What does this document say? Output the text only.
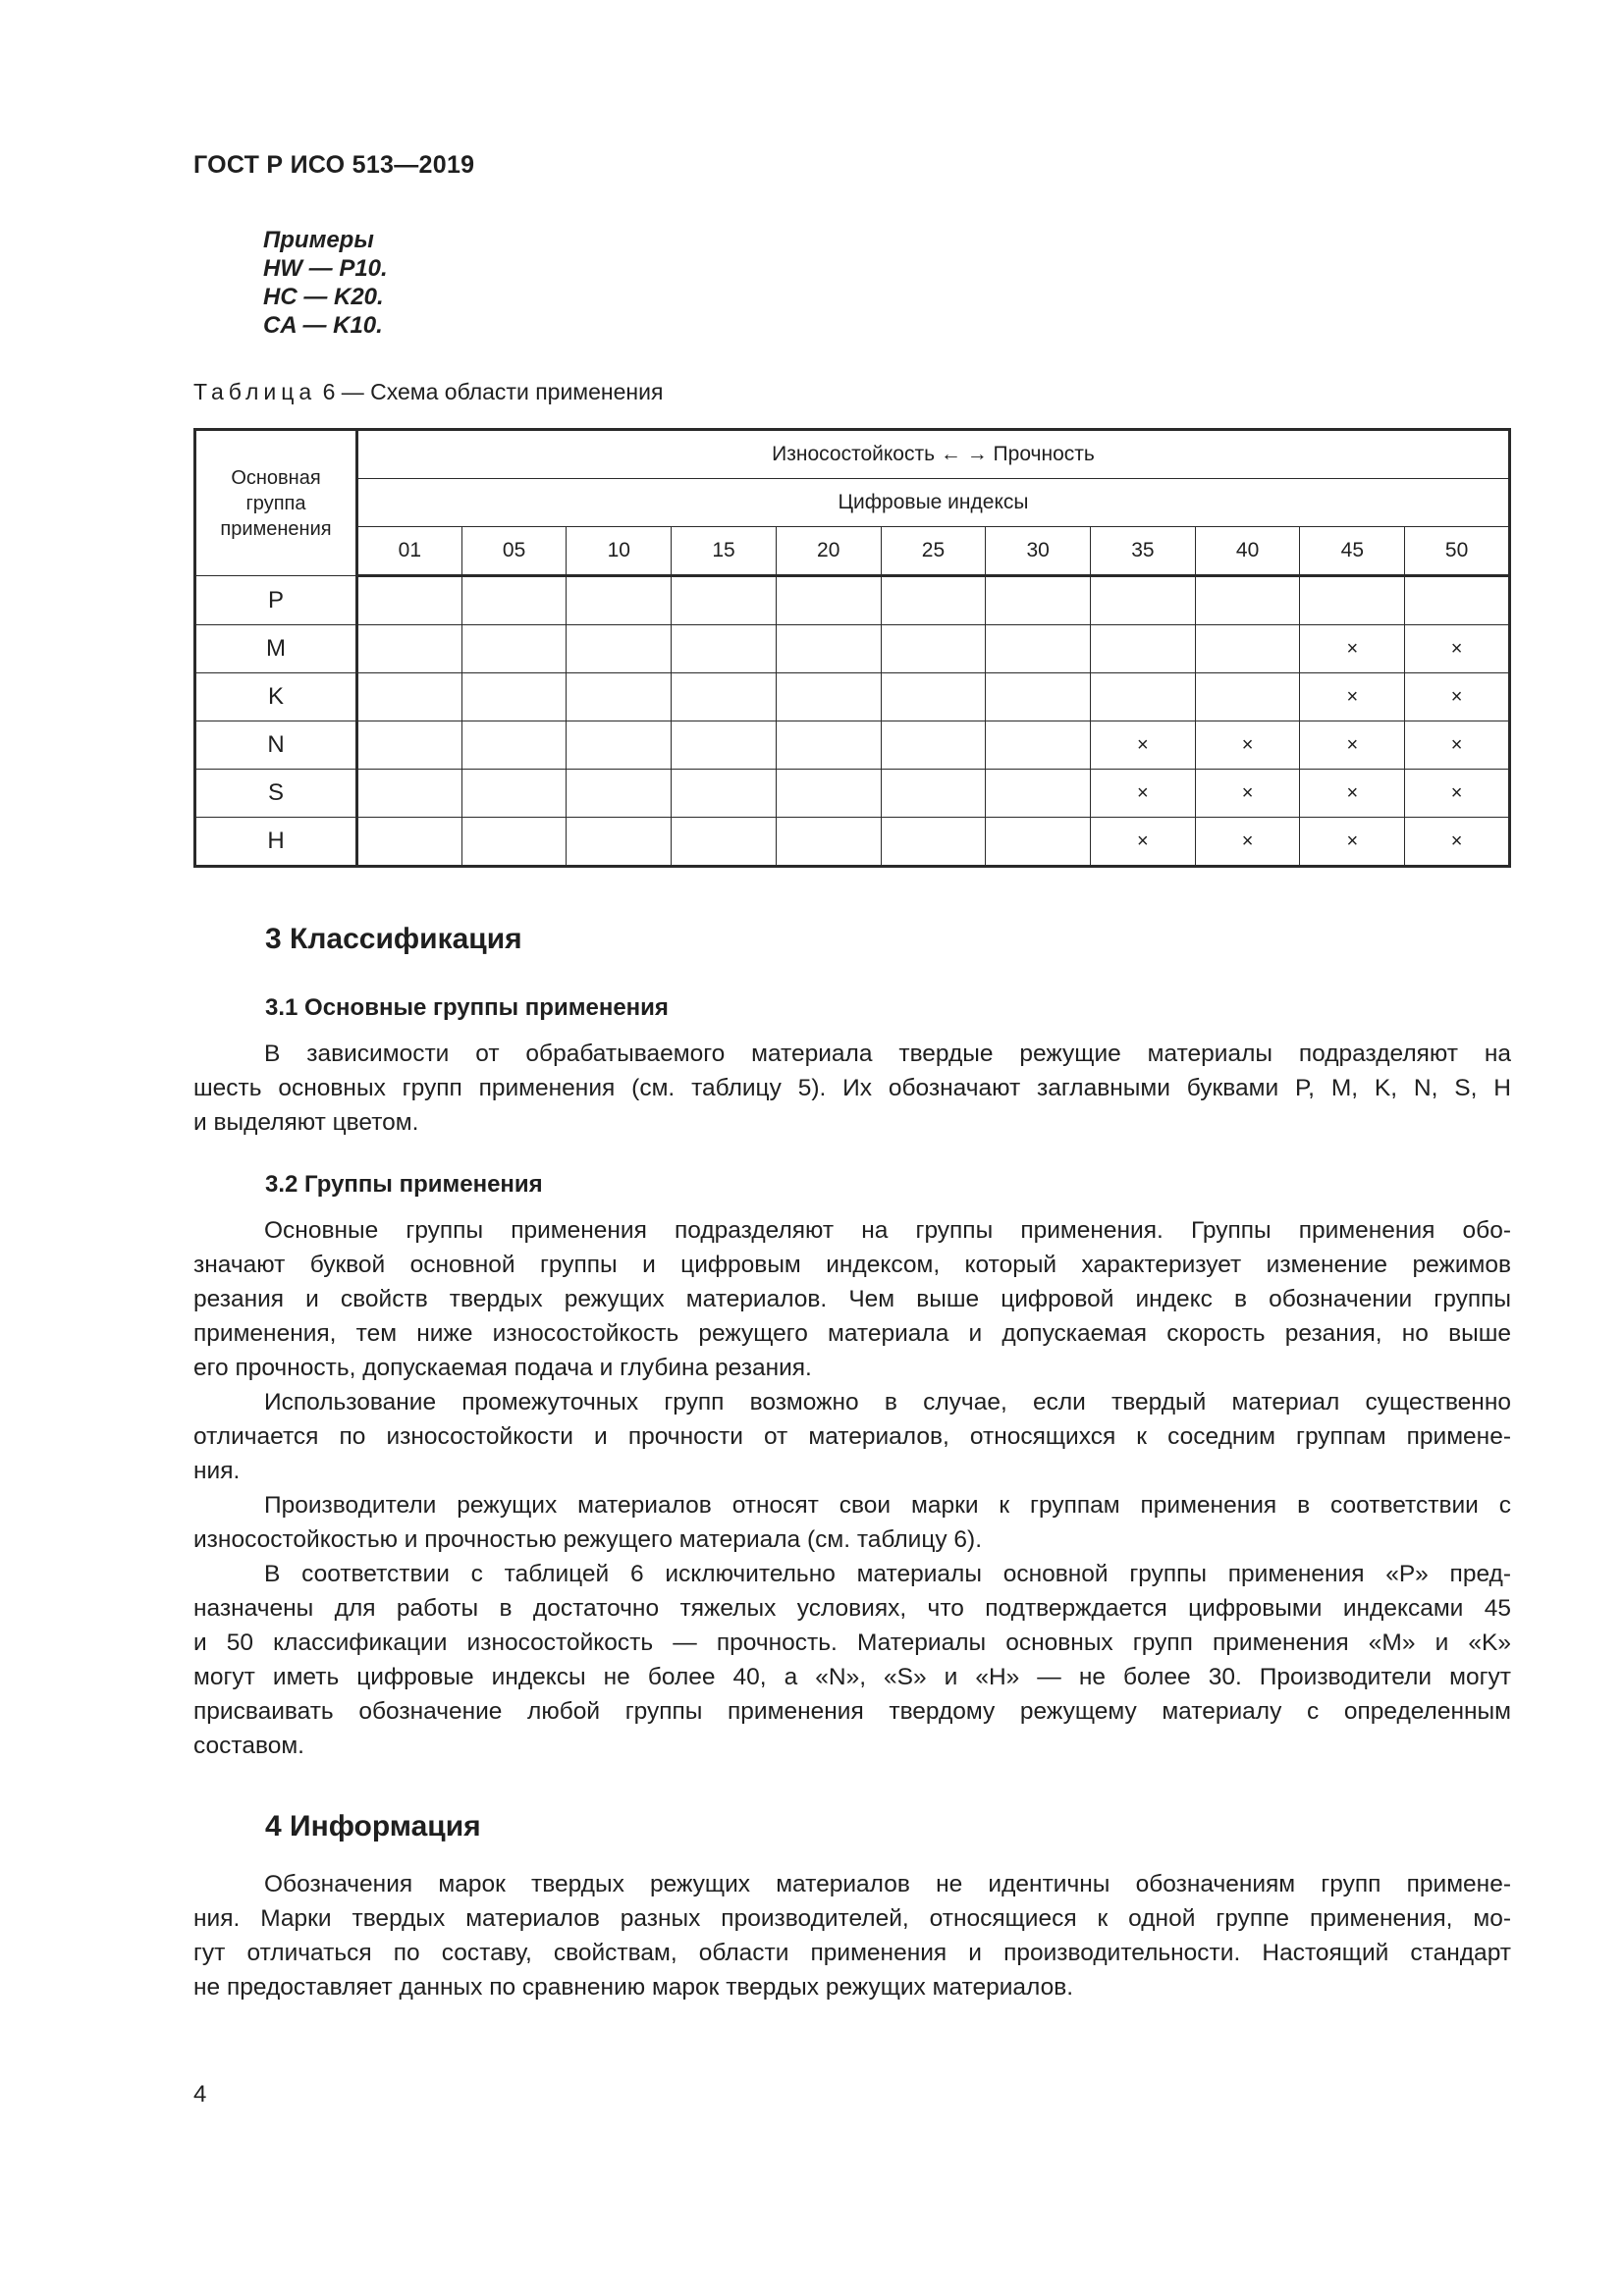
ГОСТ Р ИСО 513—2019
Примеры
HW — P10.
HC — K20.
CA — K10.
Таблица 6 — Схема области применения
Основная группа применения	Износостойкость ← → Прочность										
	Цифровые индексы										
	01	05	10	15	20	25	30	35	40	45	50
P											
M										×	×
K										×	×
N								×	×	×	×
S								×	×	×	×
H								×	×	×	×
3 Классификация
3.1 Основные группы применения
В зависимости от обрабатываемого материала твердые режущие материалы подразделяют на
шесть основных групп применения (см. таблицу 5). Их обозначают заглавными буквами P, M, K, N, S, H
и выделяют цветом.
3.2 Группы применения
Основные группы применения подразделяют на группы применения. Группы применения обо-
значают буквой основной группы и цифровым индексом, который характеризует изменение режимов
резания и свойств твердых режущих материалов. Чем выше цифровой индекс в обозначении группы
применения, тем ниже износостойкость режущего материала и допускаемая скорость резания, но выше
его прочность, допускаемая подача и глубина резания.
Использование промежуточных групп возможно в случае, если твердый материал существенно
отличается по износостойкости и прочности от материалов, относящихся к соседним группам примене-
ния.
Производители режущих материалов относят свои марки к группам применения в соответствии с
износостойкостью и прочностью режущего материала (см. таблицу 6).
В соответствии с таблицей 6 исключительно материалы основной группы применения «P» пред-
назначены для работы в достаточно тяжелых условиях, что подтверждается цифровыми индексами 45
и 50 классификации износостойкость — прочность. Материалы основных групп применения «M» и «K»
могут иметь цифровые индексы не более 40, а «N», «S» и «H» — не более 30. Производители могут
присваивать обозначение любой группы применения твердому режущему материалу с определенным
составом.
4 Информация
Обозначения марок твердых режущих материалов не идентичны обозначениям групп примене-
ния. Марки твердых материалов разных производителей, относящиеся к одной группе применения, мо-
гут отличаться по составу, свойствам, области применения и производительности. Настоящий стандарт
не предоставляет данных по сравнению марок твердых режущих материалов.
4
